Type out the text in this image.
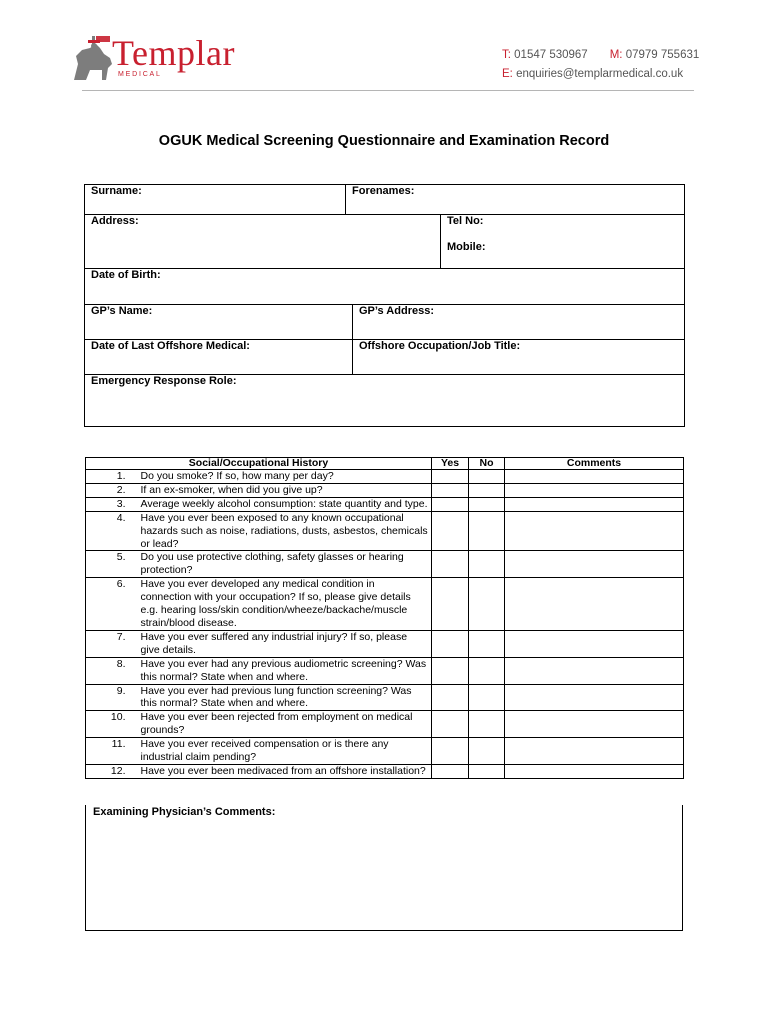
Templar
MEDICAL
T: 01547 530967 M: 07979 755631
E: enquiries@templarmedical.co.uk
OGUK Medical Screening Questionnaire and Examination Record
Surname:	Forenames:
Address:	Tel No:
Mobile:
Date of Birth:
GP’s Name:	GP’s Address:
Date of Last Offshore Medical:	Offshore Occupation/Job Title:
Emergency Response Role:
Social/Occupational History		Yes	No	Comments
1.	Do you smoke? If so, how many per day?			
2.	If an ex-smoker, when did you give up?			
3.	Average weekly alcohol consumption: state quantity and type.			
4.	Have you ever been exposed to any known occupational hazards such as noise, radiations, dusts, asbestos, chemicals or lead?			
5.	Do you use protective clothing, safety glasses or hearing protection?			
6.	Have you ever developed any medical condition in connection with your occupation? If so, please give details e.g. hearing loss/skin condition/wheeze/backache/muscle strain/blood disease.			
7.	Have you ever suffered any industrial injury? If so, please give details.			
8.	Have you ever had any previous audiometric screening? Was this normal? State when and where.			
9.	Have you ever had previous lung function screening? Was this normal? State when and where.			
10.	Have you ever been rejected from employment on medical grounds?			
11.	Have you ever received compensation or is there any industrial claim pending?			
12.	Have you ever been medivaced from an offshore installation?			
Examining Physician’s Comments:
